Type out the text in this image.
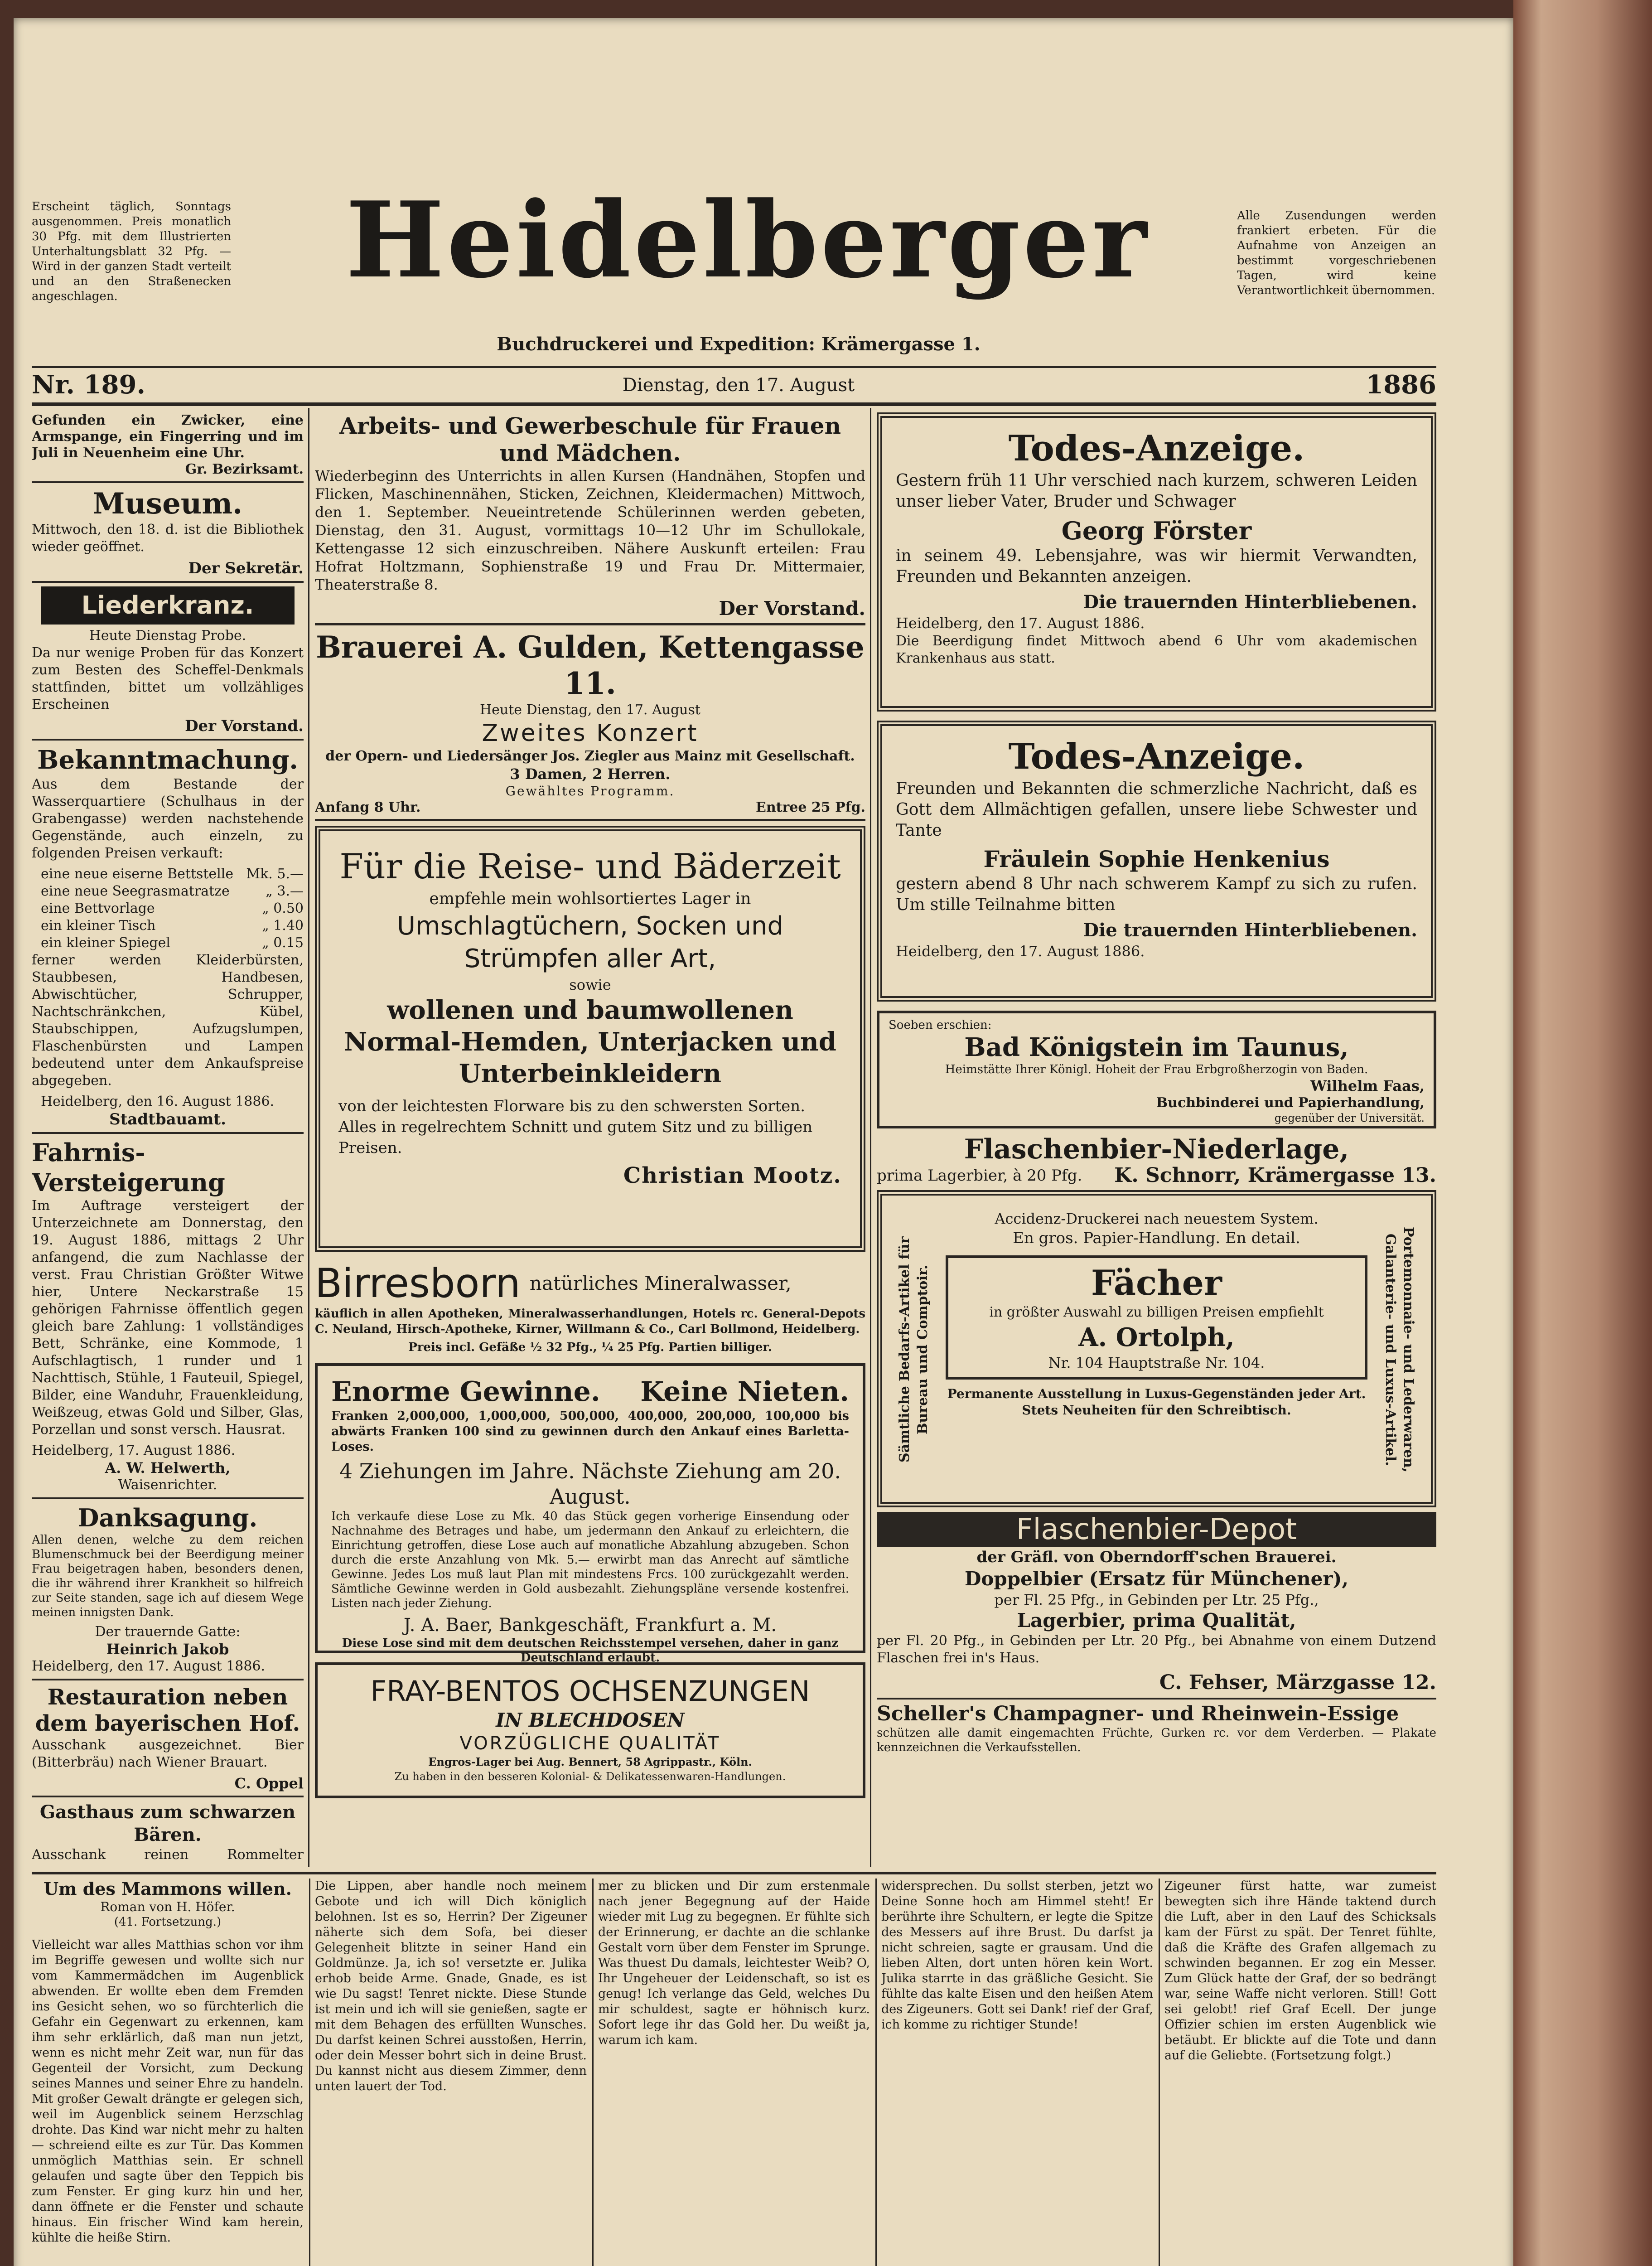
Erscheint täglich, Sonntags ausgenommen. Preis monatlich 30 Pfg. mit dem Illustrierten Unterhaltungsblatt 32 Pfg. — Wird in der ganzen Stadt verteilt und an den Straßenecken angeschlagen.	Heidelberger	Alle Zusendungen werden frankiert erbeten. Für die Aufnahme von Anzeigen an bestimmt vorgeschriebenen Tagen, wird keine Verantwortlichkeit übernommen.
Buchdruckerei und Expedition: Krämergasse 1.
Nr. 189.	Dienstag, den 17. August	1886
Gefunden ein Zwicker, eine Armspange, ein Fingerring und im Juli in Neuenheim eine Uhr.
Gr. Bezirksamt.
Museum.
Mittwoch, den 18. d. ist die Bibliothek wieder geöffnet.
Der Sekretär.
Liederkranz.
Heute Dienstag Probe.
Da nur wenige Proben für das Konzert zum Besten des Scheffel-Denkmals stattfinden, bittet um vollzähliges Erscheinen
Der Vorstand.
Bekanntmachung.
Aus dem Bestande der Wasserquartiere (Schulhaus in der Grabengasse) werden nachstehende Gegenstände, auch einzeln, zu folgenden Preisen verkauft:
eine neue eiserne Bettstelle Mk. 5.—
eine neue Seegrasmatratze	„ 3.—
eine Bettvorlage	„ 0.50
ein kleiner Tisch	„ 1.40
ein kleiner Spiegel	„ 0.15
ferner werden Kleiderbürsten, Staubbesen, Handbesen, Abwischtücher, Schrupper, Nachtschränkchen, Kübel, Staubschippen, Aufzugslumpen, Flaschenbürsten und Lampen bedeutend unter dem Ankaufspreise abgegeben.
Heidelberg, den 16. August 1886.
Stadtbauamt.
Fahrnis-Versteigerung
Im Auftrage versteigert der Unterzeichnete am Donnerstag, den 19. August 1886, mittags 2 Uhr anfangend, die zum Nachlasse der verst. Frau Christian Größter Witwe hier, Untere Neckarstraße 15 gehörigen Fahrnisse öffentlich gegen gleich bare Zahlung: 1 vollständiges Bett, Schränke, eine Kommode, 1 Aufschlagtisch, 1 runder und 1 Nachttisch, Stühle, 1 Fauteuil, Spiegel, Bilder, eine Wanduhr, Frauenkleidung, Weißzeug, etwas Gold und Silber, Glas, Porzellan und sonst versch. Hausrat.
Heidelberg, 17. August 1886.
A. W. Helwerth,
Waisenrichter.
Danksagung.
Allen denen, welche zu dem reichen Blumenschmuck bei der Beerdigung meiner Frau beigetragen haben, besonders denen, die ihr während ihrer Krankheit so hilfreich zur Seite standen, sage ich auf diesem Wege meinen innigsten Dank.
Der trauernde Gatte:
Heinrich Jakob
Heidelberg, den 17. August 1886.
Restauration neben dem bayerischen Hof.
Ausschank ausgezeichnet. Bier (Bitterbräu) nach Wiener Brauart.
C. Oppel
Gasthaus zum schwarzen Bären.
Ausschank reinen Rommelter
Arbeits- und Gewerbeschule für Frauen und Mädchen.
Wiederbeginn des Unterrichts in allen Kursen (Handnähen, Stopfen und Flicken, Maschinennähen, Sticken, Zeichnen, Kleidermachen) Mittwoch, den 1. September. Neueintretende Schülerinnen werden gebeten, Dienstag, den 31. August, vormittags 10—12 Uhr im Schullokale, Kettengasse 12 sich einzuschreiben. Nähere Auskunft erteilen: Frau Hofrat Holtzmann, Sophienstraße 19 und Frau Dr. Mittermaier, Theaterstraße 8.
Der Vorstand.
Brauerei A. Gulden, Kettengasse 11.
Heute Dienstag, den 17. August
Zweites Konzert
der Opern- und Liedersänger Jos. Ziegler aus Mainz mit Gesellschaft.
3 Damen, 2 Herren.
Gewähltes Programm.
Anfang 8 Uhr.	Entree 25 Pfg.
Für die Reise- und Bäderzeit
empfehle mein wohlsortiertes Lager in
Umschlagtüchern, Socken und Strümpfen aller Art,
sowie
wollenen und baumwollenen Normal-Hemden, Unterjacken und Unterbeinkleidern
von der leichtesten Florware bis zu den schwersten Sorten. Alles in regelrechtem Schnitt und gutem Sitz und zu billigen Preisen.
Christian Mootz.
Birresborn natürliches Mineralwasser,
käuflich in allen Apotheken, Mineralwasserhandlungen, Hotels rc. General-Depots C. Neuland, Hirsch-Apotheke, Kirner, Willmann & Co., Carl Bollmond, Heidelberg.
Preis incl. Gefäße ½ 32 Pfg., ¼ 25 Pfg. Partien billiger.
Enorme Gewinne. Keine Nieten.
Franken 2,000,000, 1,000,000, 500,000, 400,000, 200,000, 100,000 bis abwärts Franken 100 sind zu gewinnen durch den Ankauf eines Barletta-Loses.
4 Ziehungen im Jahre. Nächste Ziehung am 20. August.
Ich verkaufe diese Lose zu Mk. 40 das Stück gegen vorherige Einsendung oder Nachnahme des Betrages und habe, um jedermann den Ankauf zu erleichtern, die Einrichtung getroffen, diese Lose auch auf monatliche Abzahlung abzugeben. Schon durch die erste Anzahlung von Mk. 5.— erwirbt man das Anrecht auf sämtliche Gewinne. Jedes Los muß laut Plan mit mindestens Frcs. 100 zurückgezahlt werden. Sämtliche Gewinne werden in Gold ausbezahlt. Ziehungspläne versende kostenfrei. Listen nach jeder Ziehung.
J. A. Baer, Bankgeschäft, Frankfurt a. M.
Diese Lose sind mit dem deutschen Reichsstempel versehen, daher in ganz Deutschland erlaubt.
FRAY-BENTOS OCHSENZUNGEN
IN BLECHDOSEN
VORZÜGLICHE QUALITÄT
Engros-Lager bei Aug. Bennert, 58 Agrippastr., Köln.
Zu haben in den besseren Kolonial- & Delikatessenwaren-Handlungen.
Todes-Anzeige.
Gestern früh 11 Uhr verschied nach kurzem, schweren Leiden unser lieber Vater, Bruder und Schwager
Georg Förster
in seinem 49. Lebensjahre, was wir hiermit Verwandten, Freunden und Bekannten anzeigen.
Die trauernden Hinterbliebenen.
Heidelberg, den 17. August 1886.
Die Beerdigung findet Mittwoch abend 6 Uhr vom akademischen Krankenhaus aus statt.
Todes-Anzeige.
Freunden und Bekannten die schmerzliche Nachricht, daß es Gott dem Allmächtigen gefallen, unsere liebe Schwester und Tante
Fräulein Sophie Henkenius
gestern abend 8 Uhr nach schwerem Kampf zu sich zu rufen. Um stille Teilnahme bitten
Die trauernden Hinterbliebenen.
Heidelberg, den 17. August 1886.
Soeben erschien:
Bad Königstein im Taunus,
Heimstätte Ihrer Königl. Hoheit der Frau Erbgroßherzogin von Baden.
Wilhelm Faas,
Buchbinderei und Papierhandlung,
gegenüber der Universität.
Flaschenbier-Niederlage,
prima Lagerbier, à 20 Pfg. K. Schnorr, Krämergasse 13.
Sämtliche Bedarfs-Artikel für Bureau und Comptoir.	Portemonnaie- und Lederwaren, Galanterie- und Luxus-Artikel.
Accidenz-Druckerei nach neuestem System.
En gros. Papier-Handlung. En detail.
Fächer
in größter Auswahl zu billigen Preisen empfiehlt
A. Ortolph,
Nr. 104 Hauptstraße Nr. 104.
Permanente Ausstellung in Luxus-Gegenständen jeder Art.
Stets Neuheiten für den Schreibtisch.
Flaschenbier-Depot
der Gräfl. von Oberndorff'schen Brauerei.
Doppelbier (Ersatz für Münchener),
per Fl. 25 Pfg., in Gebinden per Ltr. 25 Pfg.,
Lagerbier, prima Qualität,
per Fl. 20 Pfg., in Gebinden per Ltr. 20 Pfg., bei Abnahme von einem Dutzend Flaschen frei in's Haus.
C. Fehser, Märzgasse 12.
Scheller's Champagner- und Rheinwein-Essige
schützen alle damit eingemachten Früchte, Gurken rc. vor dem Verderben. — Plakate kennzeichnen die Verkaufsstellen.
Um des Mammons willen.
Roman von H. Höfer.
(41. Fortsetzung.)
Vielleicht war alles Matthias schon vor ihm im Begriffe gewesen und wollte sich nur vom Kammermädchen im Augenblick abwenden. Er wollte eben dem Fremden ins Gesicht sehen, wo so fürchterlich die Gefahr ein Gegenwart zu erkennen, kam ihm sehr erklärlich, daß man nun jetzt, wenn es nicht mehr Zeit war, nun für das Gegenteil der Vorsicht, zum Deckung seines Mannes und seiner Ehre zu handeln. Mit großer Gewalt drängte er gelegen sich, weil im Augenblick seinem Herzschlag drohte. Das Kind war nicht mehr zu halten — schreiend eilte es zur Tür. Das Kommen unmöglich Matthias sein. Er schnell gelaufen und sagte über den Teppich bis zum Fenster. Er ging kurz hin und her, dann öffnete er die Fenster und schaute hinaus. Ein frischer Wind kam herein, kühlte die heiße Stirn.
Die Lippen, aber handle noch meinem Gebote und ich will Dich königlich belohnen. Ist es so, Herrin? Der Zigeuner näherte sich dem Sofa, bei dieser Gelegenheit blitzte in seiner Hand ein Goldmünze. Ja, ich so! versetzte er. Julika erhob beide Arme. Gnade, Gnade, es ist wie Du sagst! Tenret nickte. Diese Stunde ist mein und ich will sie genießen, sagte er mit dem Behagen des erfüllten Wunsches. Du darfst keinen Schrei ausstoßen, Herrin, oder dein Messer bohrt sich in deine Brust. Du kannst nicht aus diesem Zimmer, denn unten lauert der Tod.
mer zu blicken und Dir zum erstenmale nach jener Begegnung auf der Haide wieder mit Lug zu begegnen. Er fühlte sich der Erinnerung, er dachte an die schlanke Gestalt vorn über dem Fenster im Sprunge. Was thuest Du damals, leichtester Weib? O, Ihr Ungeheuer der Leidenschaft, so ist es genug! Ich verlange das Geld, welches Du mir schuldest, sagte er höhnisch kurz. Sofort lege ihr das Gold her. Du weißt ja, warum ich kam.
widersprechen. Du sollst sterben, jetzt wo Deine Sonne hoch am Himmel steht! Er berührte ihre Schultern, er legte die Spitze des Messers auf ihre Brust. Du darfst ja nicht schreien, sagte er grausam. Und die lieben Alten, dort unten hören kein Wort. Julika starrte in das gräßliche Gesicht. Sie fühlte das kalte Eisen und den heißen Atem des Zigeuners. Gott sei Dank! rief der Graf, ich komme zu richtiger Stunde!
Zigeuner fürst hatte, war zumeist bewegten sich ihre Hände taktend durch die Luft, aber in den Lauf des Schicksals kam der Fürst zu spät. Der Tenret fühlte, daß die Kräfte des Grafen allgemach zu schwinden begannen. Er zog ein Messer. Zum Glück hatte der Graf, der so bedrängt war, seine Waffe nicht verloren. Still! Gott sei gelobt! rief Graf Ecell. Der junge Offizier schien im ersten Augenblick wie betäubt. Er blickte auf die Tote und dann auf die Geliebte. (Fortsetzung folgt.)
